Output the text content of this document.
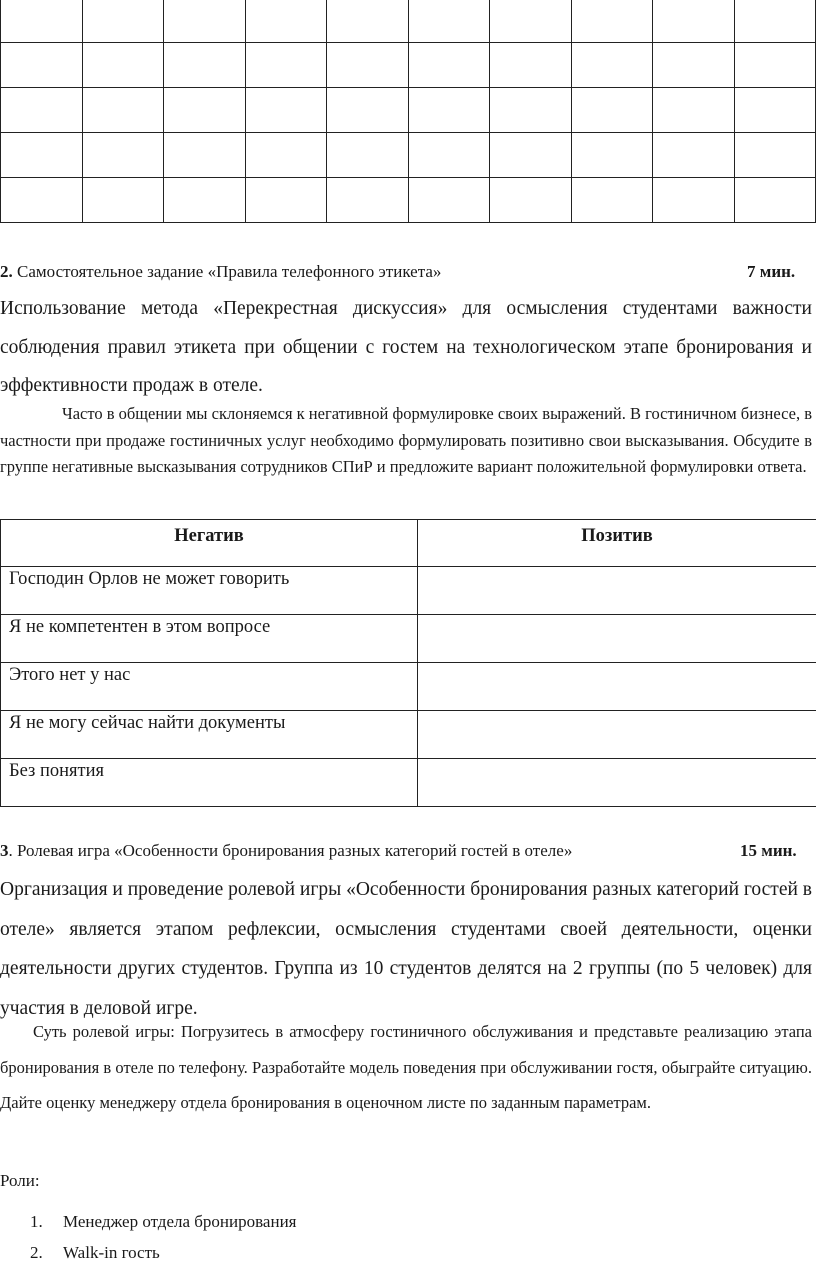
2. Самостоятельное задание «Правила телефонного этикета»	7 мин.
Использование метода «Перекрестная дискуссия» для осмысления студентами важности соблюдения правил этикета при общении с гостем на технологическом этапе бронирования и эффективности продаж в отеле.
Часто в общении мы склоняемся к негативной формулировке своих выражений. В гостиничном бизнесе, в частности при продаже гостиничных услуг необходимо формулировать позитивно свои высказывания. Обсудите в группе негативные высказывания сотрудников СПиР и предложите вариант положительной формулировки ответа.
Негатив	Позитив
Господин Орлов не может говорить	
Я не компетентен в этом вопросе	
Этого нет у нас	
Я не могу сейчас найти документы	
Без понятия	
3. Ролевая игра «Особенности бронирования разных категорий гостей в отеле»	15 мин.
Организация и проведение ролевой игры «Особенности бронирования разных категорий гостей в отеле» является этапом рефлексии, осмысления студентами своей деятельности, оценки деятельности других студентов. Группа из 10 студентов делятся на 2 группы (по 5 человек) для участия в деловой игре.
Суть ролевой игры: Погрузитесь в атмосферу гостиничного обслуживания и представьте реализацию этапа бронирования в отеле по телефону. Разработайте модель поведения при обслуживании гостя, обыграйте ситуацию. Дайте оценку менеджеру отдела бронирования в оценочном листе по заданным параметрам.
Роли:
1. Менеджер отдела бронирования
2. Walk-in гость
